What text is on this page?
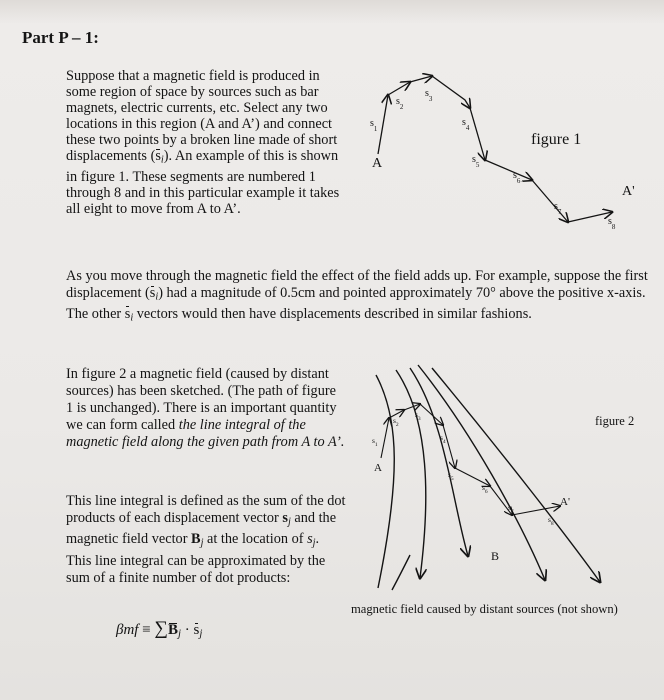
Part P – 1:

Suppose that a magnetic field is produced in some region of space by sources such as bar magnets, electric currents, etc. Select any two locations in this region (A and A’) and connect these two points by a broken line made of short displacements $(s_i)$. An example of this is shown in figure 1. These segments are numbered 1 through 8 and in this particular example it takes all eight to move from A to A’.

As you move through the magnetic field the effect of the field adds up. For example, suppose the first displacement $(s_i)$ had a magnitude of 0.5cm and pointed approximately 70° above the positive x-axis. The other $s_i$ vectors would then have displacements described in similar fashions.

In figure 2 a magnetic field (caused by distant sources) has been sketched. (The path of figure 1 is unchanged). There is an important quantity we can form called the line integral of the magnetic field along the given path from A to A’.

This line integral is defined as the sum of the dot products of each displacement vector $s_j$ and the magnetic field vector $B_j$ at the location of $s_j$. This line integral can be approximated by the sum of a finite number of dot products:

$\beta mf \equiv \sum B_j \cdot s_j$

$s_1$
$s_2$
$s_3$
$s_4$
$s_5$
$s_6$
$s_7$
$s_8$
$s_1$
$s_2$
$s_3$
$s_4$
$s_5$
$s_6$
$s_7$
$s_8$

figure 1

A

A'

figure 2

A

A'

B

magnetic field caused by distant sources (not shown)
